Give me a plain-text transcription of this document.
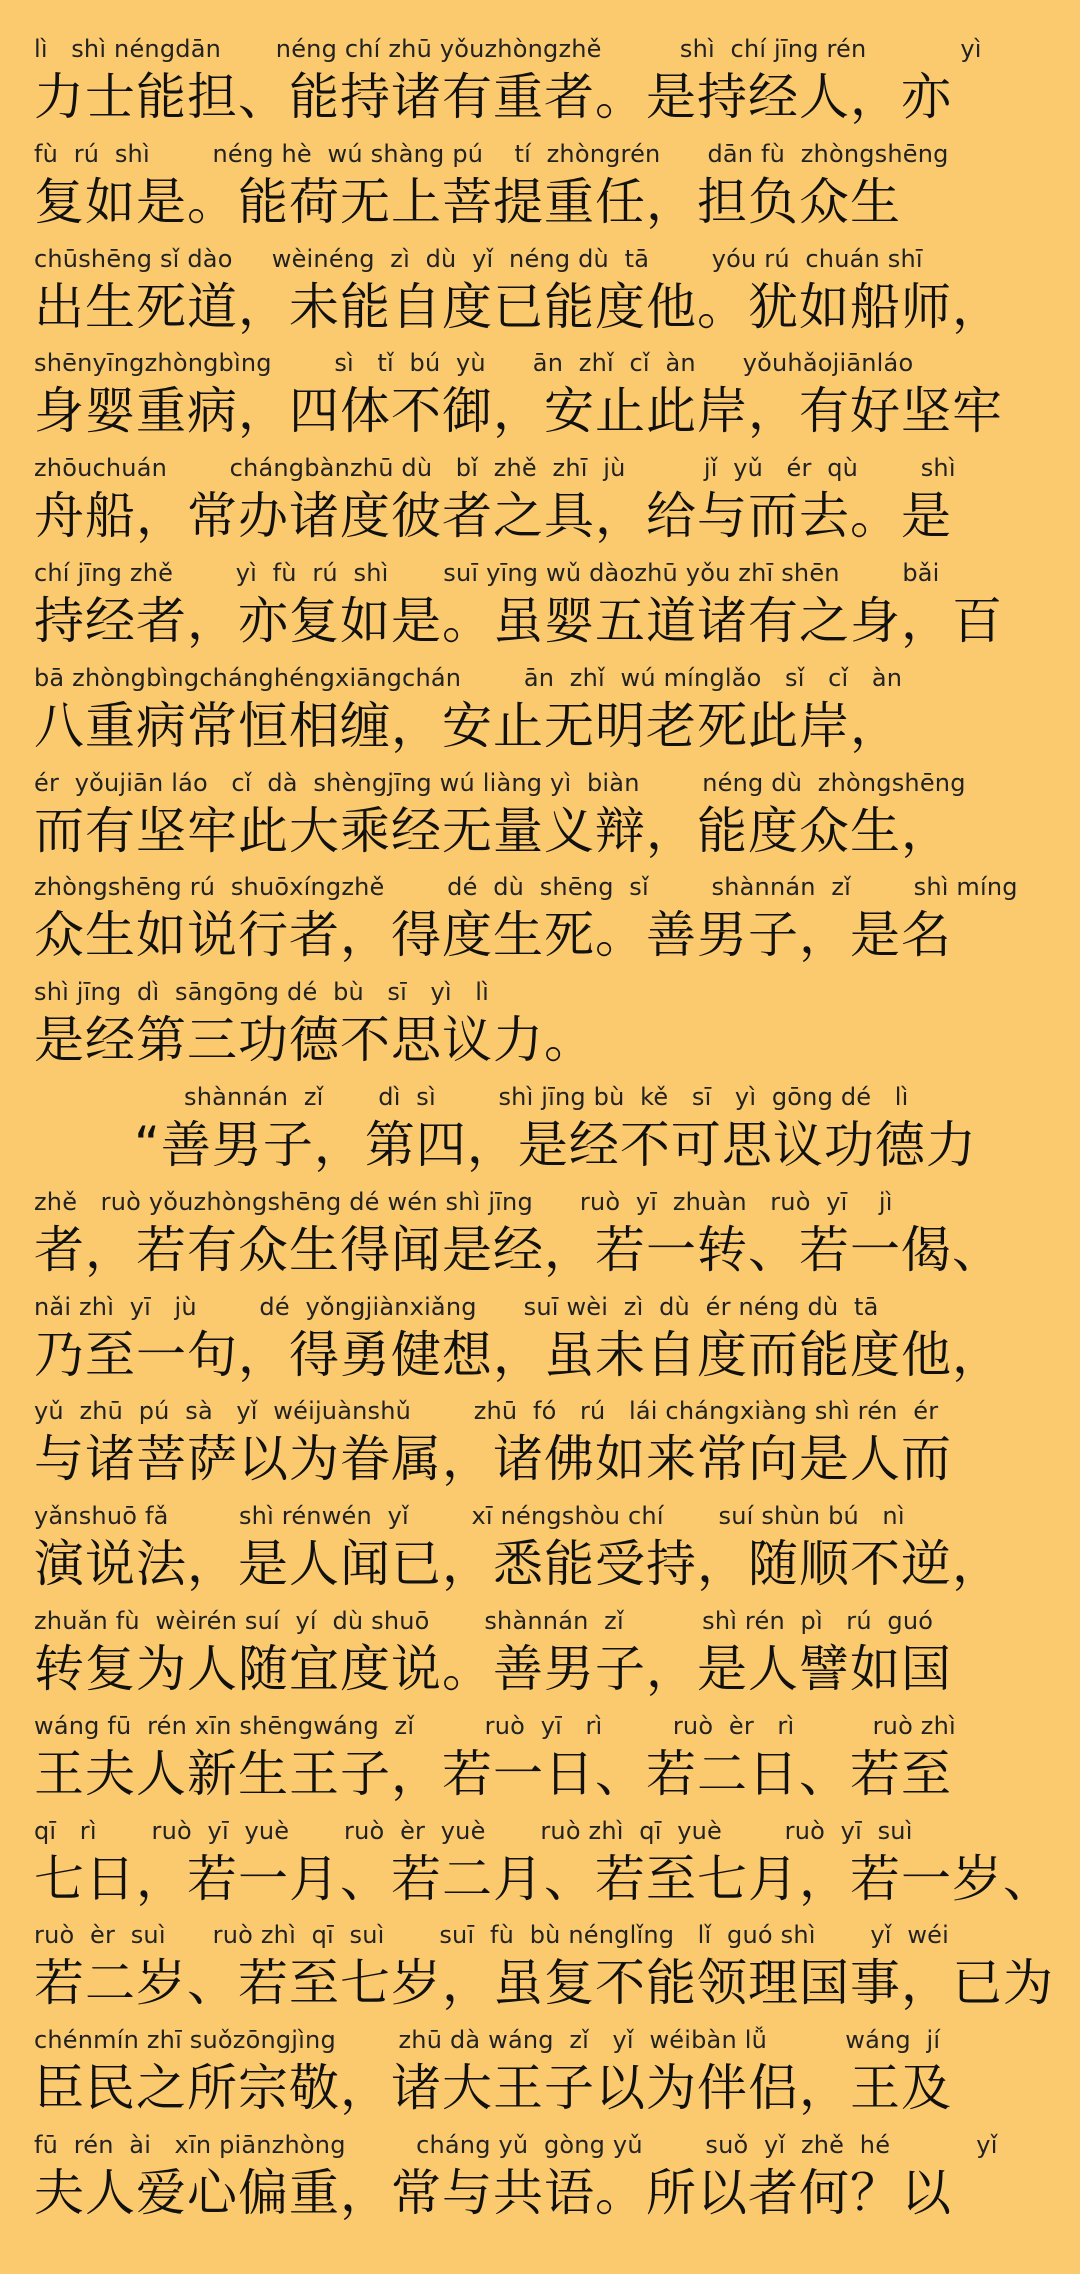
lì   shì néngdān       néng chí zhū yǒuzhòngzhě          shì  chí jīng rén            yì
力士能担、能持诸有重者。是持经人，亦
fù  rú  shì        néng hè  wú shàng pú    tí  zhòngrén      dān fù  zhòngshēng
复如是。能荷无上菩提重任，担负众生
chūshēng sǐ dào     wèinéng  zì  dù  yǐ  néng dù  tā        yóu rú  chuán shī
出生死道，未能自度已能度他。犹如船师，
shēnyīngzhòngbìng        sì   tǐ  bú  yù      ān  zhǐ  cǐ  àn      yǒuhǎojiānláo
身婴重病，四体不御，安止此岸，有好坚牢
zhōuchuán        chángbànzhū dù   bǐ  zhě  zhī  jù          jǐ  yǔ   ér  qù        shì
舟船，常办诸度彼者之具，给与而去。是
chí jīng zhě        yì  fù  rú  shì       suī yīng wǔ dàozhū yǒu zhī shēn        bǎi
持经者，亦复如是。虽婴五道诸有之身，百
bā zhòngbìngchánghéngxiāngchán        ān  zhǐ  wú mínglǎo   sǐ   cǐ   àn
八重病常恒相缠，安止无明老死此岸，
ér  yǒujiān láo   cǐ  dà  shèngjīng wú liàng yì  biàn        néng dù  zhòngshēng
而有坚牢此大乘经无量义辩，能度众生，
zhòngshēng rú  shuōxíngzhě        dé  dù  shēng  sǐ        shànnán  zǐ        shì míng
众生如说行者，得度生死。善男子，是名
shì jīng  dì  sāngōng dé  bù   sī   yì   lì
是经第三功德不思议力。
shànnán  zǐ       dì  sì        shì jīng bù  kě   sī   yì  gōng dé   lì
“善男子，第四，是经不可思议功德力
zhě   ruò yǒuzhòngshēng dé wén shì jīng      ruò  yī  zhuàn   ruò  yī    jì
者，若有众生得闻是经，若一转、若一偈、
nǎi zhì  yī   jù        dé  yǒngjiànxiǎng      suī wèi  zì  dù  ér néng dù  tā
乃至一句，得勇健想，虽未自度而能度他，
yǔ  zhū  pú  sà   yǐ  wéijuànshǔ        zhū  fó   rú   lái chángxiàng shì rén  ér
与诸菩萨以为眷属，诸佛如来常向是人而
yǎnshuō fǎ         shì rénwén  yǐ        xī néngshòu chí       suí shùn bú   nì
演说法，是人闻已，悉能受持，随顺不逆，
zhuǎn fù  wèirén suí  yí  dù shuō       shànnán  zǐ          shì rén  pì   rú  guó
转复为人随宜度说。善男子，是人譬如国
wáng fū  rén xīn shēngwáng  zǐ         ruò  yī   rì         ruò  èr   rì          ruò zhì
王夫人新生王子，若一日、若二日、若至
qī   rì       ruò  yī  yuè       ruò  èr  yuè       ruò zhì  qī  yuè        ruò  yī  suì
七日，若一月、若二月、若至七月，若一岁、
ruò  èr  suì      ruò zhì  qī  suì       suī  fù  bù nénglǐng   lǐ  guó shì       yǐ  wéi
若二岁、若至七岁，虽复不能领理国事，已为
chénmín zhī suǒzōngjìng        zhū dà wáng  zǐ   yǐ  wéibàn lǚ          wáng  jí
臣民之所宗敬，诸大王子以为伴侣，王及
fū  rén  ài   xīn piānzhòng         cháng yǔ  gòng yǔ        suǒ  yǐ  zhě  hé           yǐ
夫人爱心偏重，常与共语。所以者何？以
